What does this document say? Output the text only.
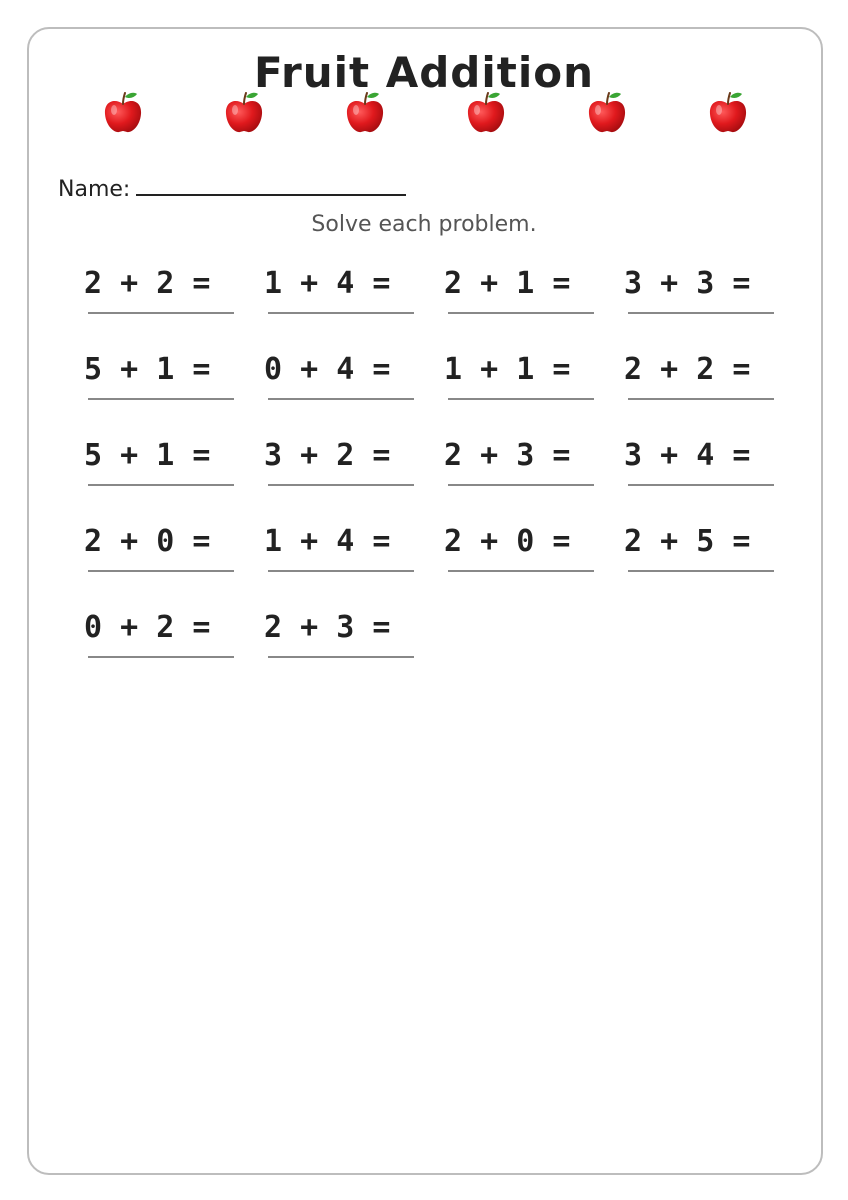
Fruit Addition
Name:
Solve each problem.
2 + 2 = 1 + 4 = 2 + 1 = 3 + 3 =
5 + 1 = 0 + 4 = 1 + 1 = 2 + 2 =
5 + 1 = 3 + 2 = 2 + 3 = 3 + 4 =
2 + 0 = 1 + 4 = 2 + 0 = 2 + 5 =
0 + 2 = 2 + 3 =
